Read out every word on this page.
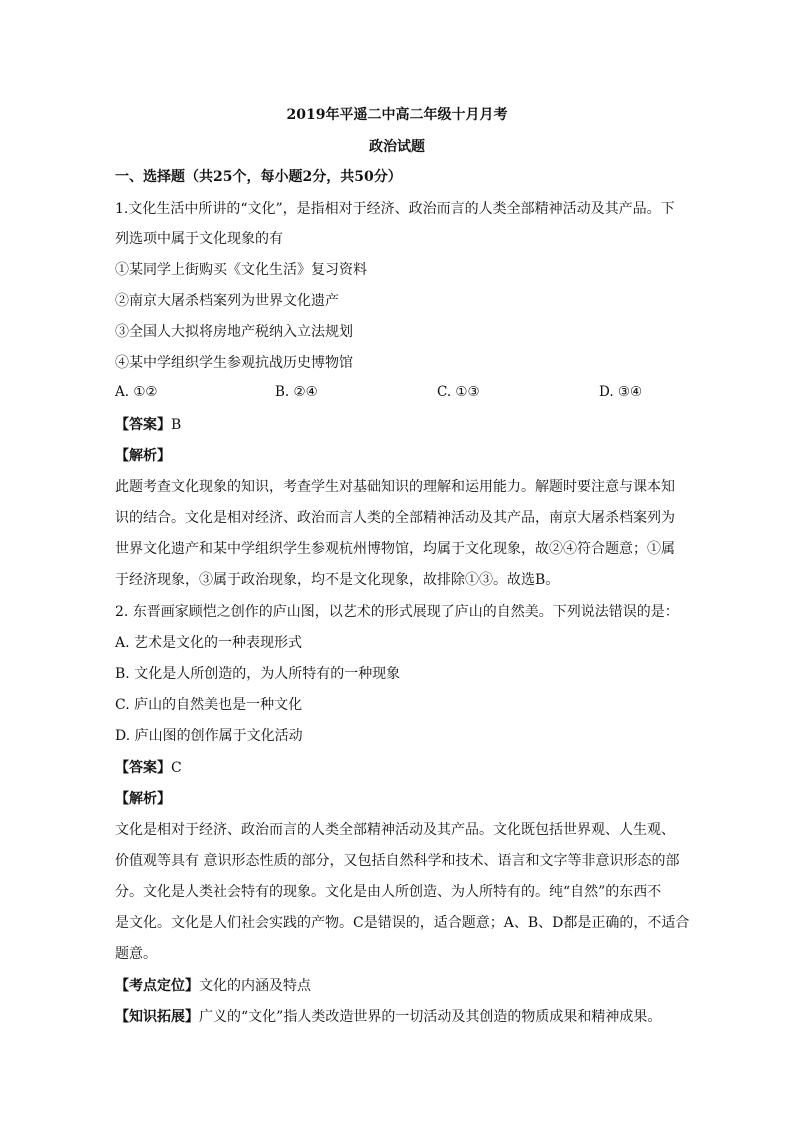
2019年平遥二中高二年级十月月考
政治试题
一、选择题（共25个，每小题2分，共50分）
1.文化生活中所讲的“文化”，是指相对于经济、政治而言的人类全部精神活动及其产品。下
列选项中属于文化现象的有
①某同学上街购买《文化生活》复习资料
②南京大屠杀档案列为世界文化遗产
③全国人大拟将房地产税纳入立法规划
④某中学组织学生参观抗战历史博物馆
A. ①②	B. ②④	C. ①③	D. ③④
【答案】B
【解析】
此题考查文化现象的知识，考查学生对基础知识的理解和运用能力。解题时要注意与课本知
识的结合。文化是相对经济、政治而言人类的全部精神活动及其产品，南京大屠杀档案列为
世界文化遗产和某中学组织学生参观杭州博物馆，均属于文化现象，故②④符合题意；①属
于经济现象，③属于政治现象，均不是文化现象，故排除①③。故选B。
2. 东晋画家顾恺之创作的庐山图，以艺术的形式展现了庐山的自然美。下列说法错误的是：
A. 艺术是文化的一种表现形式
B. 文化是人所创造的，为人所特有的一种现象
C. 庐山的自然美也是一种文化
D. 庐山图的创作属于文化活动
【答案】C
【解析】
文化是相对于经济、政治而言的人类全部精神活动及其产品。文化既包括世界观、人生观、
价值观等具有 意识形态性质的部分，又包括自然科学和技术、语言和文字等非意识形态的部
分。文化是人类社会特有的现象。文化是由人所创造、为人所特有的。纯“自然”的东西不
是文化。文化是人们社会实践的产物。C是错误的，适合题意；A、B、D都是正确的，不适合
题意。
【考点定位】文化的内涵及特点
【知识拓展】广义的“文化”指人类改造世界的一切活动及其创造的物质成果和精神成果。
